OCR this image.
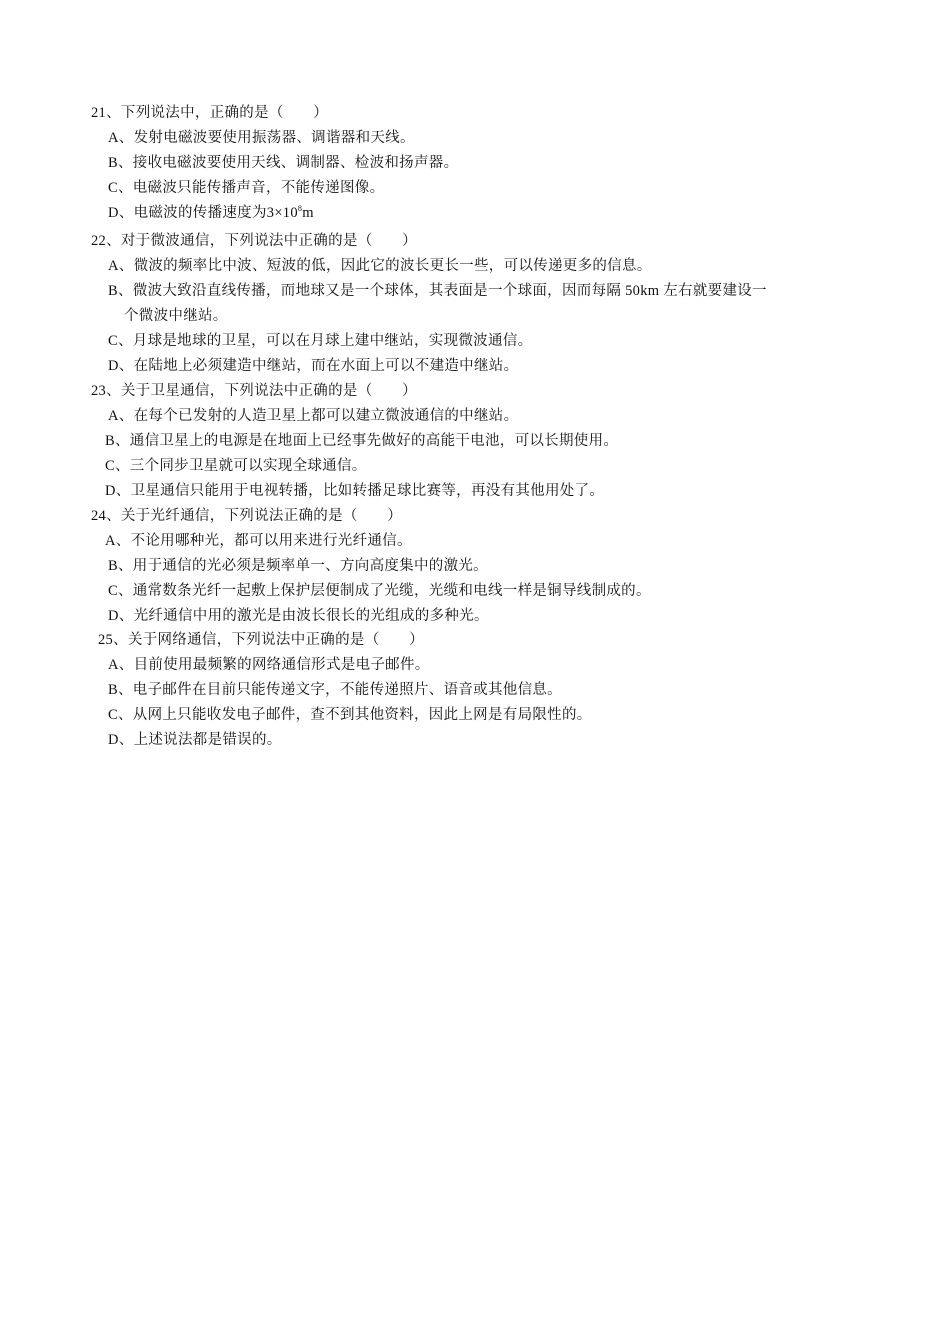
21、下列说法中，正确的是（　　）
A、发射电磁波要使用振荡器、调谐器和天线。
B、接收电磁波要使用天线、调制器、检波和扬声器。
C、电磁波只能传播声音，不能传递图像。
D、电磁波的传播速度为$3\times 10^8m$
22、对于微波通信，下列说法中正确的是（　　）
A、微波的频率比中波、短波的低，因此它的波长更长一些，可以传递更多的信息。
B、微波大致沿直线传播，而地球又是一个球体，其表面是一个球面，因而每隔 50km 左右就要建设一
个微波中继站。
C、月球是地球的卫星，可以在月球上建中继站，实现微波通信。
D、在陆地上必须建造中继站，而在水面上可以不建造中继站。
23、关于卫星通信，下列说法中正确的是（　　）
A、在每个已发射的人造卫星上都可以建立微波通信的中继站。
B、通信卫星上的电源是在地面上已经事先做好的高能干电池，可以长期使用。
C、三个同步卫星就可以实现全球通信。
D、卫星通信只能用于电视转播，比如转播足球比赛等，再没有其他用处了。
24、关于光纤通信，下列说法正确的是（　　）
A、不论用哪种光，都可以用来进行光纤通信。
B、用于通信的光必须是频率单一、方向高度集中的激光。
C、通常数条光纤一起敷上保护层便制成了光缆，光缆和电线一样是铜导线制成的。
D、光纤通信中用的激光是由波长很长的光组成的多种光。
25、关于网络通信，下列说法中正确的是（　　）
A、目前使用最频繁的网络通信形式是电子邮件。
B、电子邮件在目前只能传递文字，不能传递照片、语音或其他信息。
C、从网上只能收发电子邮件，查不到其他资料，因此上网是有局限性的。
D、上述说法都是错误的。
